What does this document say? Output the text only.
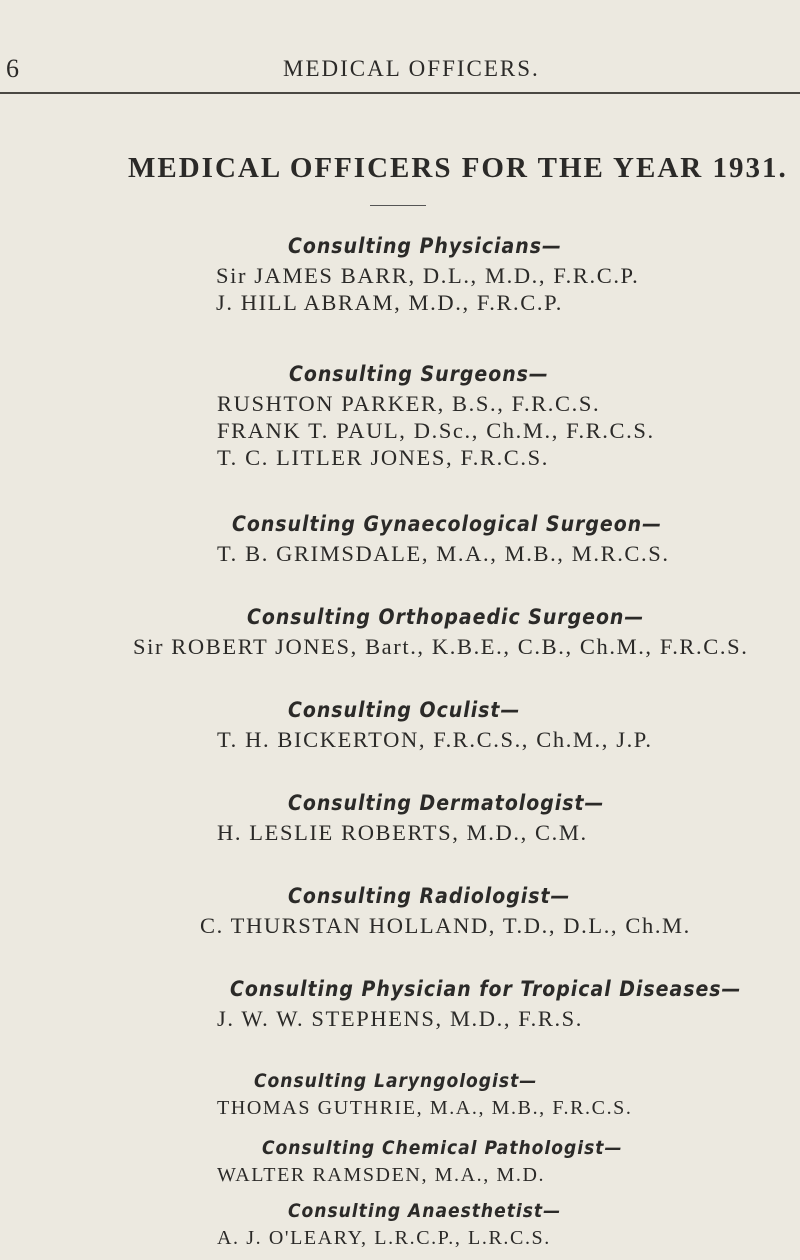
6	MEDICAL OFFICERS.
MEDICAL OFFICERS FOR THE YEAR 1931.
Consulting Physicians—
Sir JAMES BARR, D.L., M.D., F.R.C.P.
J. HILL ABRAM, M.D., F.R.C.P.
Consulting Surgeons—
RUSHTON PARKER, B.S., F.R.C.S.
FRANK T. PAUL, D.Sc., Ch.M., F.R.C.S.
T. C. LITLER JONES, F.R.C.S.
Consulting Gynaecological Surgeon—
T. B. GRIMSDALE, M.A., M.B., M.R.C.S.
Consulting Orthopaedic Surgeon—
Sir ROBERT JONES, Bart., K.B.E., C.B., Ch.M., F.R.C.S.
Consulting Oculist—
T. H. BICKERTON, F.R.C.S., Ch.M., J.P.
Consulting Dermatologist—
H. LESLIE ROBERTS, M.D., C.M.
Consulting Radiologist—
C. THURSTAN HOLLAND, T.D., D.L., Ch.M.
Consulting Physician for Tropical Diseases—
J. W. W. STEPHENS, M.D., F.R.S.
Consulting Laryngologist—
THOMAS GUTHRIE, M.A., M.B., F.R.C.S.
Consulting Chemical Pathologist—
WALTER RAMSDEN, M.A., M.D.
Consulting Anaesthetist—
A. J. O'LEARY, L.R.C.P., L.R.C.S.
